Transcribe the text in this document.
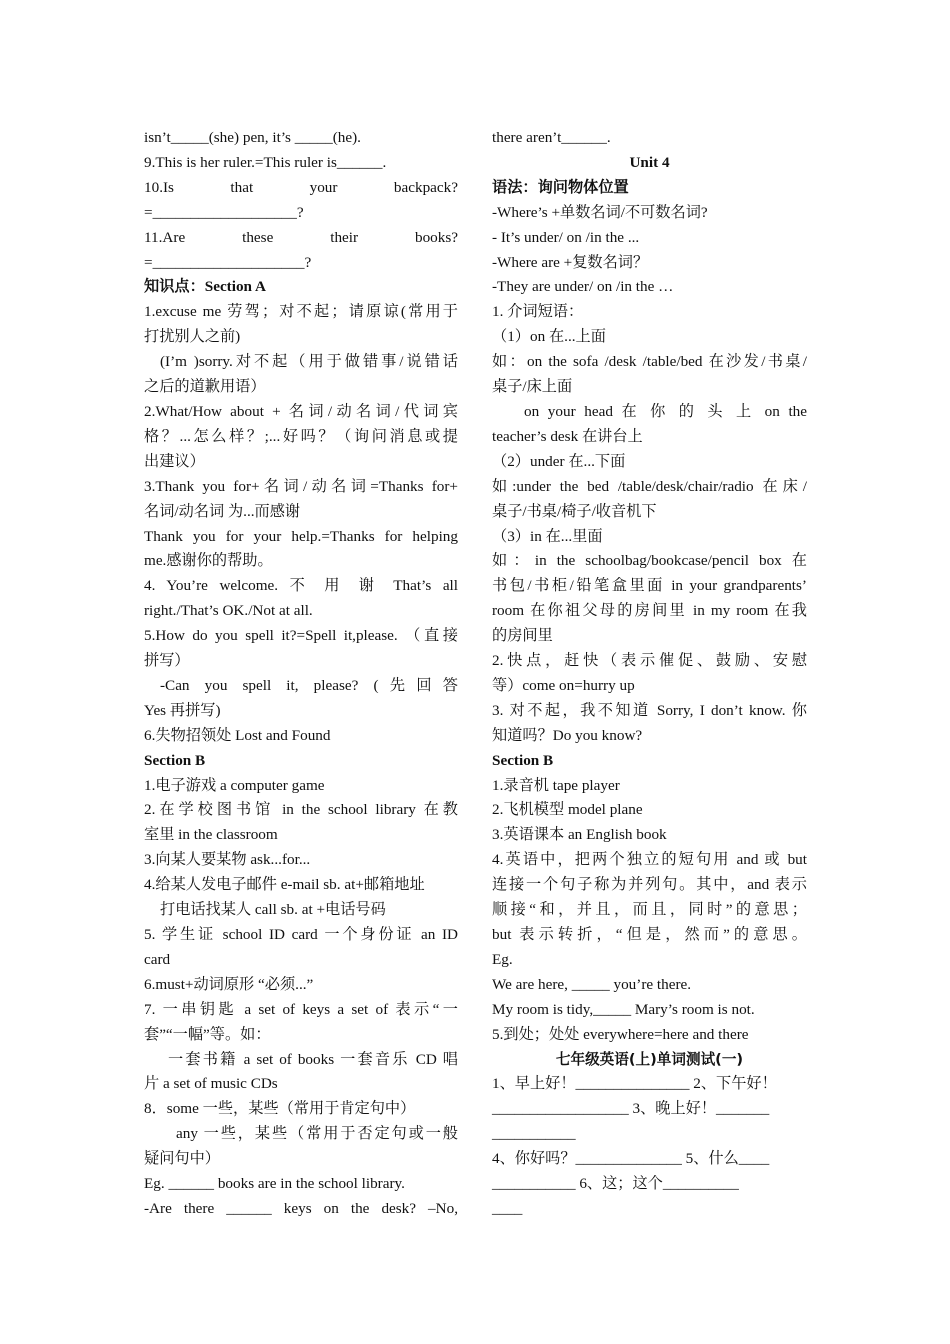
isn’t_____(she) pen, it’s _____(he).

9.This is her ruler.=This ruler is______.

10.Is that your backpack?

=___________________?

11.Are these their books?

=____________________?

知识点：Section A

1.excuse me 劳驾；对不起；请原谅(常用于

打扰别人之前)

(I’m )sorry.对不起（用于做错事/说错话

之后的道歉用语）

2.What/How about + 名词/动名词/代词宾

格？...怎么样？;...好吗？（询问消息或提

出建议）

3.Thank you for+名词/动名词=Thanks for+

名词/动名词 为...而感谢

Thank you for your help.=Thanks for helping

me.感谢你的帮助。

4. You’re welcome. 不 用 谢 That’s all

right./That’s OK./Not at all.

5.How do you spell it?=Spell it,please. （直接

拼写）

-Can you spell it, please? (先回答

Yes 再拼写)

6.失物招领处 Lost and Found

Section B

1.电子游戏 a computer game

2.在学校图书馆 in the school library 在教

室里 in the classroom

3.向某人要某物 ask...for...

4.给某人发电子邮件 e-mail sb. at+邮箱地址

打电话找某人 call sb. at +电话号码

5. 学生证 school ID card 一个身份证 an ID

card

6.must+动词原形 “必须...”

7. 一串钥匙 a set of keys a set of 表示“一

套”“一幅”等。如：

一套书籍 a set of books 一套音乐 CD 唱

片 a set of music CDs

8．some 一些，某些（常用于肯定句中）

any 一些，某些（常用于否定句或一般

疑问句中）

Eg. ______ books are in the school library.

-Are there ______ keys on the desk? –No,

there aren’t______.

Unit 4

语法：询问物体位置

-Where’s +单数名词/不可数名词?

- It’s under/ on /in the ...

-Where are +复数名词？

-They are under/ on /in the …

1. 介词短语：

（1）on 在...上面

如：on the sofa /desk /table/bed 在沙发/书桌/

桌子/床上面

on your head 在 你 的 头 上 on the

teacher’s desk 在讲台上

（2）under 在...下面

如:under the bed /table/desk/chair/radio 在床/

桌子/书桌/椅子/收音机下

（3）in 在...里面

如：in the schoolbag/bookcase/pencil box 在

书包/书柜/铅笔盒里面 in your grandparents’

room 在你祖父母的房间里 in my room 在我

的房间里

2.快点，赶快（表示催促、鼓励、安慰

等）come on=hurry up

3. 对不起，我不知道 Sorry, I don’t know. 你

知道吗？Do you know?

Section B

1.录音机 tape player

2.飞机模型 model plane

3.英语课本 an English book

4.英语中，把两个独立的短句用 and 或 but

连接一个句子称为并列句。其中，and 表示

顺接“和，并且，而且，同时”的意思；

but 表示转折，“但是，然而”的意思。

Eg.

We are here, _____ you’re there.

My room is tidy,_____ Mary’s room is not.

5.到处；处处 everywhere=here and there

七年级英语(上)单词测试(一)

1、早上好！_______________ 2、下午好！

__________________ 3、晚上好！_______

___________

4、你好吗？______________ 5、什么____

___________ 6、这；这个__________

____
